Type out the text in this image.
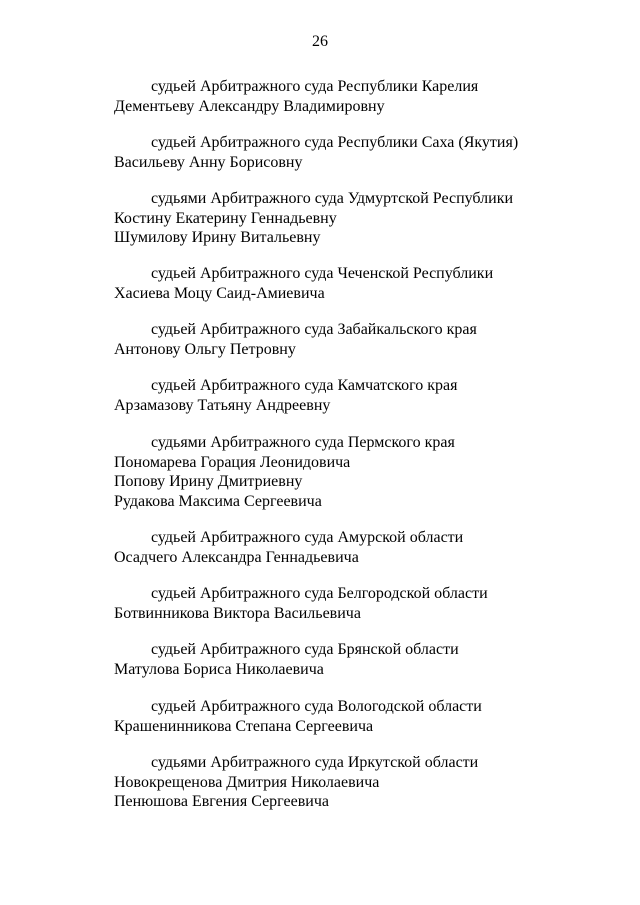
26
судьей Арбитражного суда Республики Карелия
Дементьеву Александру Владимировну
судьей Арбитражного суда Республики Саха (Якутия)
Васильеву Анну Борисовну
судьями Арбитражного суда Удмуртской Республики
Костину Екатерину Геннадьевну
Шумилову Ирину Витальевну
судьей Арбитражного суда Чеченской Республики
Хасиева Моцу Саид-Амиевича
судьей Арбитражного суда Забайкальского края
Антонову Ольгу Петровну
судьей Арбитражного суда Камчатского края
Арзамазову Татьяну Андреевну
судьями Арбитражного суда Пермского края
Пономарева Горация Леонидовича
Попову Ирину Дмитриевну
Рудакова Максима Сергеевича
судьей Арбитражного суда Амурской области
Осадчего Александра Геннадьевича
судьей Арбитражного суда Белгородской области
Ботвинникова Виктора Васильевича
судьей Арбитражного суда Брянской области
Матулова Бориса Николаевича
судьей Арбитражного суда Вологодской области
Крашенинникова Степана Сергеевича
судьями Арбитражного суда Иркутской области
Новокрещенова Дмитрия Николаевича
Пенюшова Евгения Сергеевича
